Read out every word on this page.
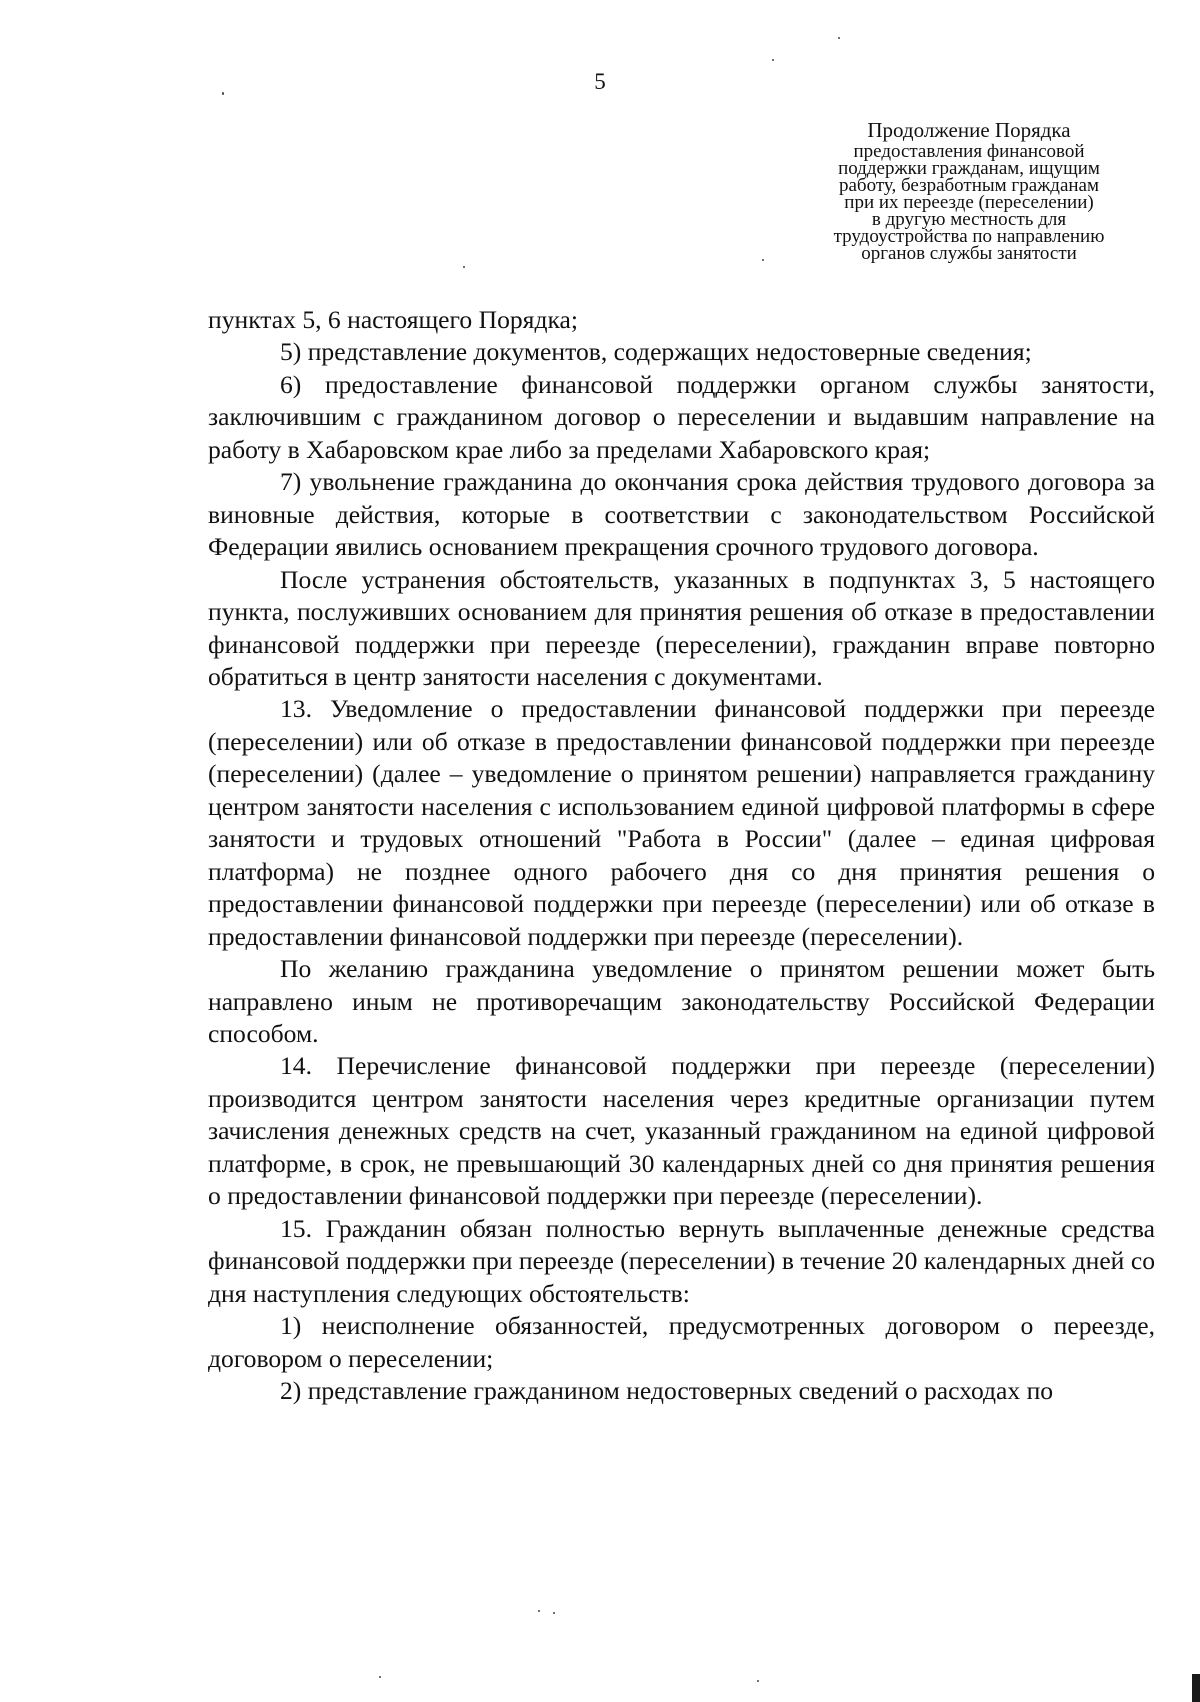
5
Продолжение Порядка
предоставления финансовой
поддержки гражданам, ищущим
работу, безработным гражданам
при их переезде (переселении)
в другую местность для
трудоустройства по направлению
органов службы занятости

пунктах 5, 6 настоящего Порядка;

5) представление документов, содержащих недостоверные сведения;

6) предоставление финансовой поддержки органом службы занятости, заключившим с гражданином договор о переселении и выдавшим направление на работу в Хабаровском крае либо за пределами Хабаровского края;

7) увольнение гражданина до окончания срока действия трудового договора за виновные действия, которые в соответствии с законодательством Российской Федерации явились основанием прекращения срочного трудового договора.

После устранения обстоятельств, указанных в подпунктах 3, 5 настоящего пункта, послуживших основанием для принятия решения об отказе в предоставлении финансовой поддержки при переезде (переселении), гражданин вправе повторно обратиться в центр занятости населения с документами.

13. Уведомление о предоставлении финансовой поддержки при переезде (переселении) или об отказе в предоставлении финансовой поддержки при переезде (переселении) (далее – уведомление о принятом решении) направляется гражданину центром занятости населения с использованием единой цифровой платформы в сфере занятости и трудовых отношений "Работа в России" (далее – единая цифровая платформа) не позднее одного рабочего дня со дня принятия решения о предоставлении финансовой поддержки при переезде (переселении) или об отказе в предоставлении финансовой поддержки при переезде (переселении).

По желанию гражданина уведомление о принятом решении может быть направлено иным не противоречащим законодательству Российской Федерации способом.

14. Перечисление финансовой поддержки при переезде (переселении) производится центром занятости населения через кредитные организации путем зачисления денежных средств на счет, указанный гражданином на единой цифровой платформе, в срок, не превышающий 30 календарных дней со дня принятия решения о предоставлении финансовой поддержки при переезде (переселении).

15. Гражданин обязан полностью вернуть выплаченные денежные средства финансовой поддержки при переезде (переселении) в течение 20 календарных дней со дня наступления следующих обстоятельств:

1) неисполнение обязанностей, предусмотренных договором о переезде, договором о переселении;

2) представление гражданином недостоверных сведений о расходах по
